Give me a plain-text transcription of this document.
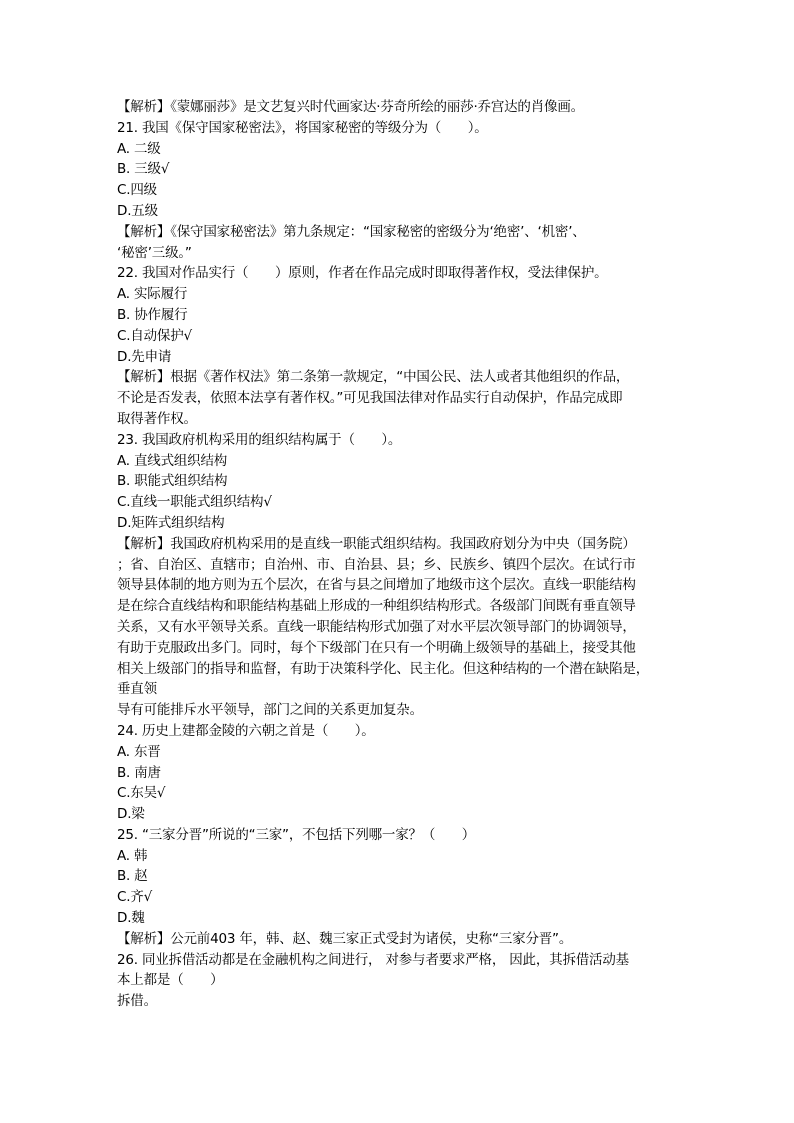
【解析】《蒙娜丽莎》是文艺复兴时代画家达·芬奇所绘的丽莎·乔宫达的肖像画。
21. 我国《保守国家秘密法》，将国家秘密的等级分为（　　）。
A. 二级
B. 三级√
C.四级
D.五级
【解析】《保守国家秘密法》第九条规定：“国家秘密的密级分为‘绝密’、‘机密’、
‘秘密’三级。”
22. 我国对作品实行（　　）原则，作者在作品完成时即取得著作权，受法律保护。
A. 实际履行
B. 协作履行
C.自动保护√
D.先申请
【解析】根据《著作权法》第二条第一款规定，“中国公民、法人或者其他组织的作品，
不论是否发表，依照本法享有著作权。”可见我国法律对作品实行自动保护，作品完成即
取得著作权。
23. 我国政府机构采用的组织结构属于（　　）。
A. 直线式组织结构
B. 职能式组织结构
C.直线一职能式组织结构√
D.矩阵式组织结构
【解析】我国政府机构采用的是直线一职能式组织结构。我国政府划分为中央（国务院）
；省、自治区、直辖市；自治州、市、自治县、县；乡、民族乡、镇四个层次。在试行市
领导县体制的地方则为五个层次，在省与县之间增加了地级市这个层次。直线一职能结构
是在综合直线结构和职能结构基础上形成的一种组织结构形式。各级部门间既有垂直领导
关系，又有水平领导关系。直线一职能结构形式加强了对水平层次领导部门的协调领导，
有助于克服政出多门。同时，每个下级部门在只有一个明确上级领导的基础上，接受其他
相关上级部门的指导和监督，有助于决策科学化、民主化。但这种结构的一个潜在缺陷是，
垂直领
导有可能排斥水平领导，部门之间的关系更加复杂。
24. 历史上建都金陵的六朝之首是（　　）。
A. 东晋
B. 南唐
C.东吴√
D.梁
25. “三家分晋”所说的“三家”，不包括下列哪一家？（　　）
A. 韩
B. 赵
C.齐√
D.魏
【解析】公元前403 年，韩、赵、魏三家正式受封为诸侯，史称“三家分晋”。
26. 同业拆借活动都是在金融机构之间进行， 对参与者要求严格， 因此，其拆借活动基
本上都是（　　）
拆借。
